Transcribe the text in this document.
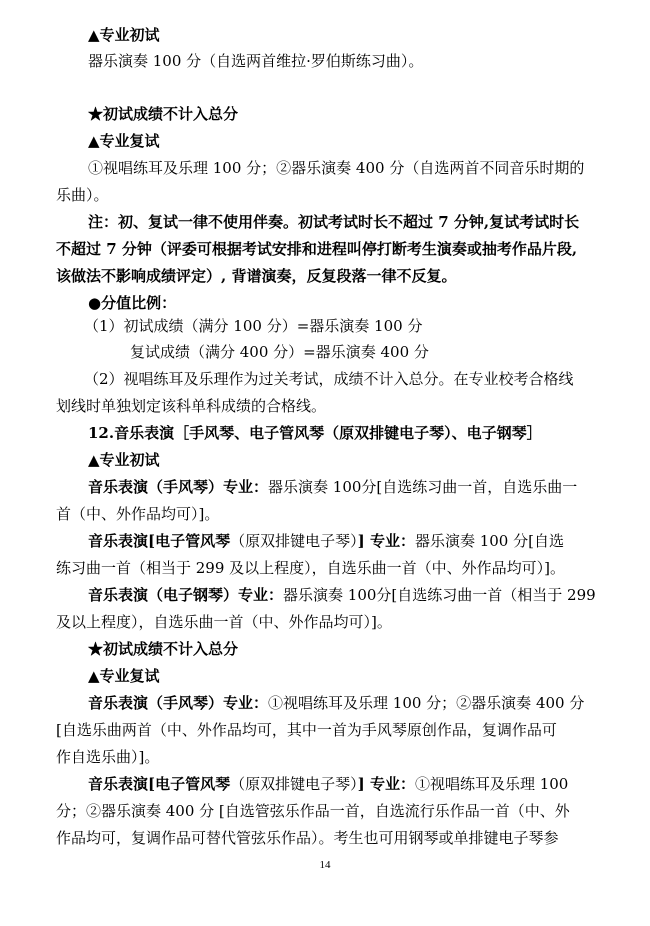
▲专业初试
器乐演奏 100 分（自选两首维拉·罗伯斯练习曲）。
★初试成绩不计入总分
▲专业复试
①视唱练耳及乐理 100 分；②器乐演奏 400 分（自选两首不同音乐时期的
乐曲）。
注：初、复试一律不使用伴奏。初试考试时长不超过 7 分钟,复试考试时长
不超过 7 分钟（评委可根据考试安排和进程叫停打断考生演奏或抽考作品片段,
该做法不影响成绩评定）, 背谱演奏，反复段落一律不反复。
●分值比例：
（1）初试成绩（满分 100 分）=器乐演奏 100 分
复试成绩（满分 400 分）=器乐演奏 400 分
（2）视唱练耳及乐理作为过关考试，成绩不计入总分。在专业校考合格线
划线时单独划定该科单科成绩的合格线。
12.音乐表演［手风琴、电子管风琴（原双排键电子琴）、电子钢琴］
▲专业初试
音乐表演（手风琴）专业：器乐演奏 100分[自选练习曲一首，自选乐曲一
首（中、外作品均可）]。
音乐表演[电子管风琴（原双排键电子琴）] 专业：器乐演奏 100 分[自选
练习曲一首（相当于 299 及以上程度），自选乐曲一首（中、外作品均可）]。
音乐表演（电子钢琴）专业：器乐演奏 100分[自选练习曲一首（相当于 299
及以上程度），自选乐曲一首（中、外作品均可）]。
★初试成绩不计入总分
▲专业复试
音乐表演（手风琴）专业：①视唱练耳及乐理 100 分；②器乐演奏 400 分
[自选乐曲两首（中、外作品均可，其中一首为手风琴原创作品，复调作品可
作自选乐曲）]。
音乐表演[电子管风琴（原双排键电子琴）] 专业：①视唱练耳及乐理 100
分；②器乐演奏 400 分 [自选管弦乐作品一首，自选流行乐作品一首（中、外
作品均可，复调作品可替代管弦乐作品）。考生也可用钢琴或单排键电子琴参
14
